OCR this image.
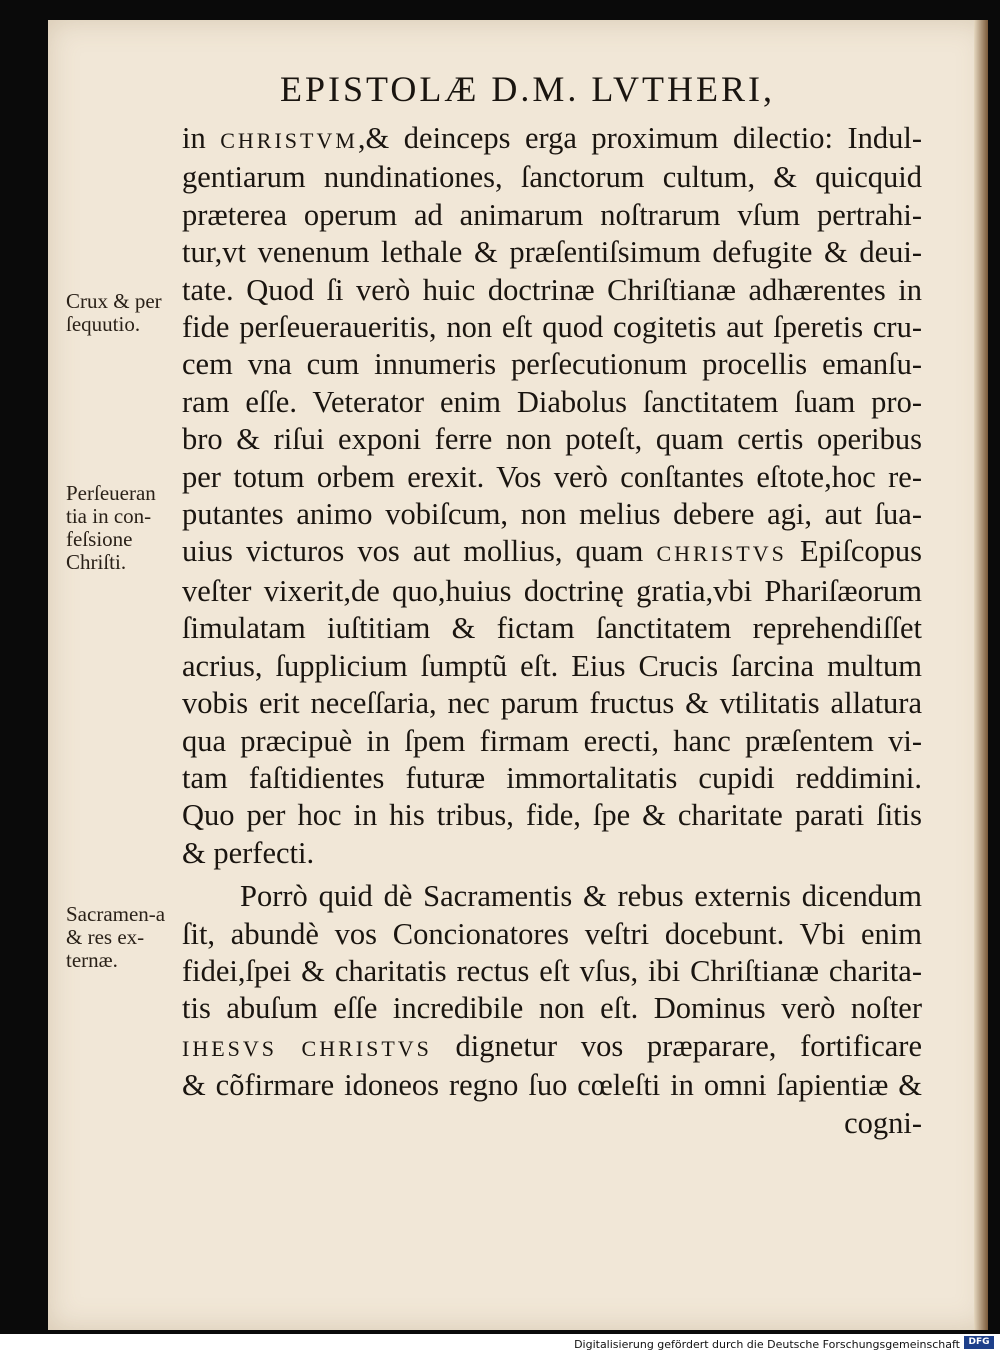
EPISTOLÆ D.M. LVTHERI,
in CHRISTVM,& deinceps erga proximum dilectio: Indul-
gentiarum nundinationes, ſanctorum cultum, & quicquid
præterea operum ad animarum noſtrarum vſum pertrahi-
tur,vt venenum lethale & præſentiſsimum defugite & deui-
tate. Quod ſi verò huic doctrinæ Chriſtianæ adhærentes in
fide perſeueraueritis, non eſt quod cogitetis aut ſperetis cru-
cem vna cum innumeris perſecutionum procellis emanſu-
ram eſſe. Veterator enim Diabolus ſanctitatem ſuam pro-
bro & riſui exponi ferre non poteſt, quam certis operibus
per totum orbem erexit. Vos verò conſtantes eſtote,hoc re-
putantes animo vobiſcum, non melius debere agi, aut ſua-
uius victuros vos aut mollius, quam CHRISTVS Epiſcopus
veſter vixerit,de quo,huius doctrinę gratia,vbi Phariſæorum
ſimulatam iuſtitiam & fictam ſanctitatem reprehendiſſet
acrius, ſupplicium ſumptũ eſt. Eius Crucis ſarcina multum
vobis erit neceſſaria, nec parum fructus & vtilitatis allatura
qua præcipuè in ſpem firmam erecti, hanc præſentem vi-
tam faſtidientes futuræ immortalitatis cupidi reddimini.
Quo per hoc in his tribus, fide, ſpe & charitate parati ſitis
& perfecti.
Porrò quid dè Sacramentis & rebus externis dicendum
ſit, abundè vos Concionatores veſtri docebunt. Vbi enim
fidei,ſpei & charitatis rectus eſt vſus, ibi Chriſtianæ charita-
tis abuſum eſſe incredibile non eſt. Dominus verò noſter
IHESVS CHRISTVS dignetur vos præparare, fortificare
& cõfirmare idoneos regno ſuo cœleſti in omni ſapientiæ &
cogni-
Crux & per
ſequutio.
Perſeueran
tia in con-
feſsione
Chriſti.
Sacramen-a
& res ex-
ternæ.
Digitalisierung gefördert durch die Deutsche Forschungsgemeinschaft DFG
